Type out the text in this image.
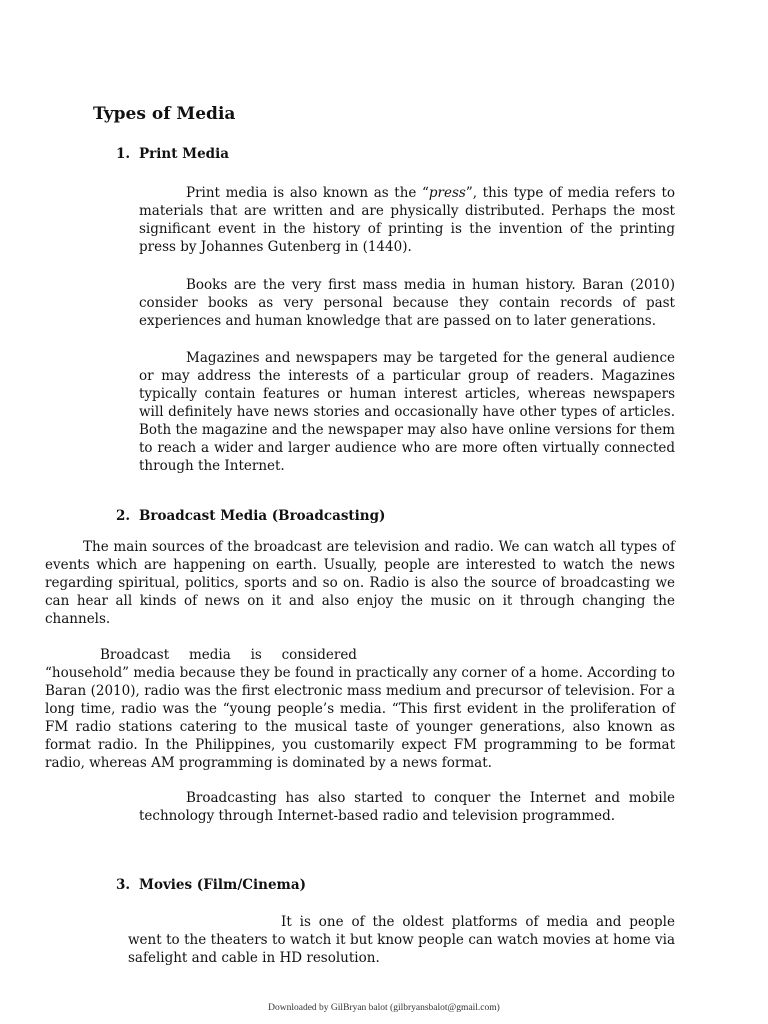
Types of Media
1. Print Media

Print media is also known as the “press”, this type of media refers to materials that are written and are physically distributed. Perhaps the most significant event in the history of printing is the invention of the printing press by Johannes Gutenberg in (1440).

Books are the very first mass media in human history. Baran (2010) consider books as very personal because they contain records of past experiences and human knowledge that are passed on to later generations.

Magazines and newspapers may be targeted for the general audience or may address the interests of a particular group of readers. Magazines typically contain features or human interest articles, whereas newspapers will definitely have news stories and occasionally have other types of articles. Both the magazine and the newspaper may also have online versions for them to reach a wider and larger audience who are more often virtually connected through the Internet.

2. Broadcast Media (Broadcasting)

The main sources of the broadcast are television and radio. We can watch all types of events which are happening on earth. Usually, people are interested to watch the news regarding spiritual, politics, sports and so on. Radio is also the source of broadcasting we can hear all kinds of news on it and also enjoy the music on it through changing the channels.

Broadcast media is considered

“household” media because they be found in practically any corner of a home. According to Baran (2010), radio was the first electronic mass medium and precursor of television. For a long time, radio was the “young people’s media. “This first evident in the proliferation of FM radio stations catering to the musical taste of younger generations, also known as format radio. In the Philippines, you customarily expect FM programming to be format radio, whereas AM programming is dominated by a news format.

Broadcasting has also started to conquer the Internet and mobile technology through Internet-based radio and television programmed.

3. Movies (Film/Cinema)

It is one of the oldest platforms of media and people went to the theaters to watch it but know people can watch movies at home via safelight and cable in HD resolution.

Downloaded by GilBryan balot (gilbryansbalot@gmail.com)
